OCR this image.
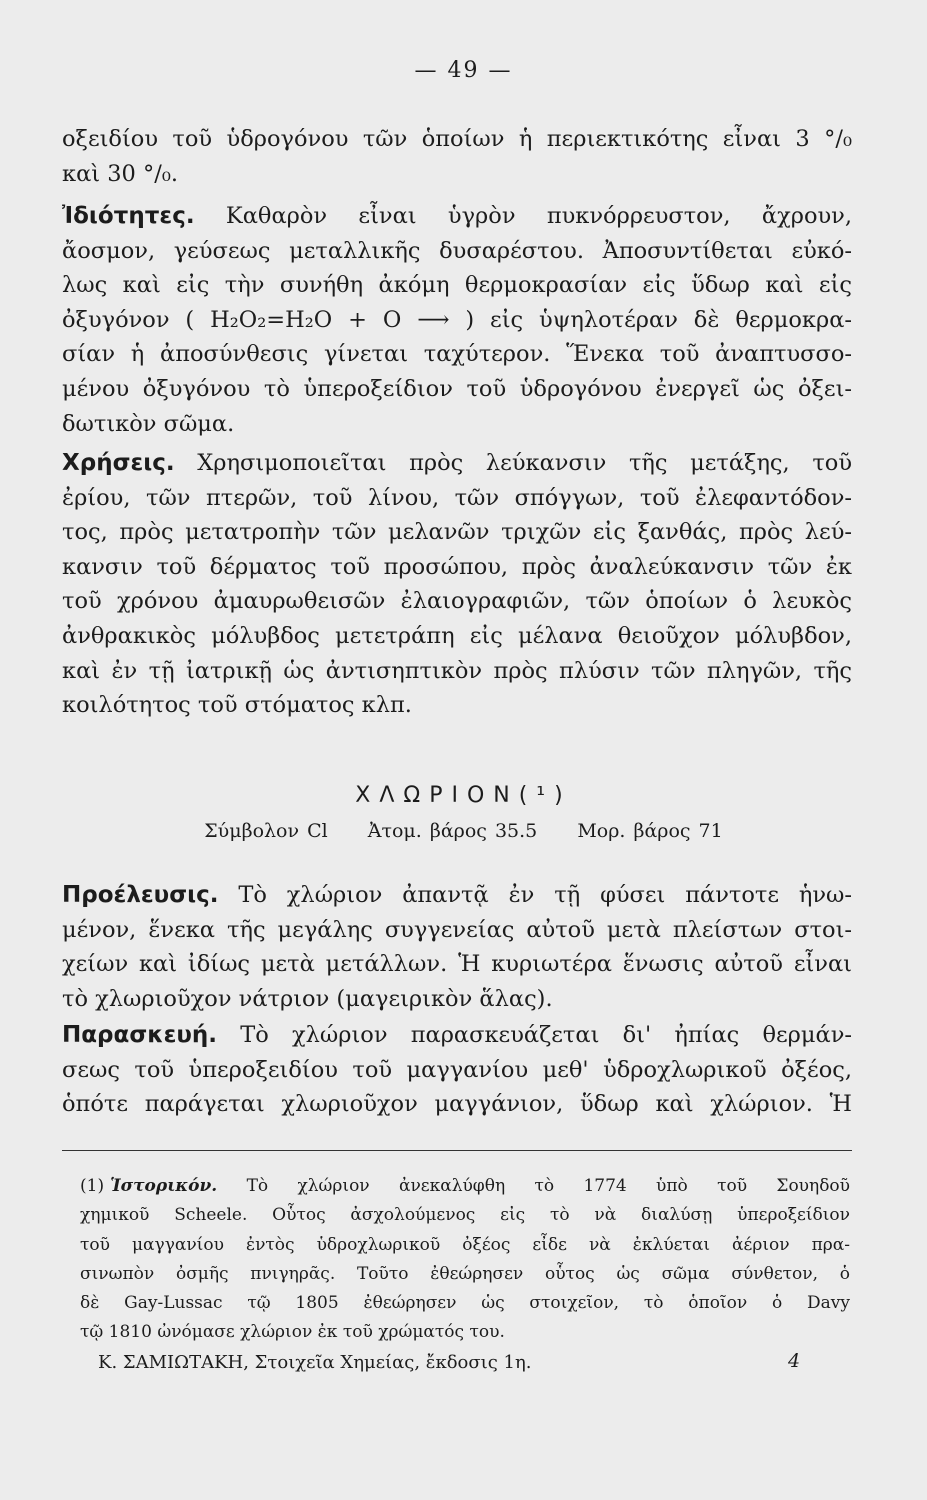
— 49 —
οξειδίου τοῦ ὑδρογόνου τῶν ὁποίων ἡ περιεκτικότης εἶναι 3 °/₀
καὶ 30 °/₀.
Ἰδιότητες. Καθαρὸν εἶναι ὑγρὸν πυκνόρρευστον, ἄχρουν,
ἄοσμον, γεύσεως μεταλλικῆς δυσαρέστου. Ἀποσυντίθεται εὐκό-
λως καὶ εἰς τὴν συνήθη ἀκόμη θερμοκρασίαν εἰς ὕδωρ καὶ εἰς
ὀξυγόνον ( H₂O₂=H₂O + O ⟶ ) εἰς ὑψηλοτέραν δὲ θερμοκρα-
σίαν ἡ ἀποσύνθεσις γίνεται ταχύτερον. Ἕνεκα τοῦ ἀναπτυσσο-
μένου ὀξυγόνου τὸ ὑπεροξείδιον τοῦ ὑδρογόνου ἐνεργεῖ ὡς ὀξει-
δωτικὸν σῶμα.
Χρήσεις. Χρησιμοποιεῖται πρὸς λεύκανσιν τῆς μετάξης, τοῦ
ἐρίου, τῶν πτερῶν, τοῦ λίνου, τῶν σπόγγων, τοῦ ἐλεφαντόδον-
τος, πρὸς μετατροπὴν τῶν μελανῶν τριχῶν εἰς ξανθάς, πρὸς λεύ-
κανσιν τοῦ δέρματος τοῦ προσώπου, πρὸς ἀναλεύκανσιν τῶν ἐκ
τοῦ χρόνου ἀμαυρωθεισῶν ἐλαιογραφιῶν, τῶν ὁποίων ὁ λευκὸς
ἀνθρακικὸς μόλυβδος μετετράπη εἰς μέλανα θειοῦχον μόλυβδον,
καὶ ἐν τῇ ἰατρικῇ ὡς ἀντισηπτικὸν πρὸς πλύσιν τῶν πληγῶν, τῆς
κοιλότητος τοῦ στόματος κλπ.
ΧΛΩΡΙΟΝ(¹)
Σύμβολον Cl Ἀτομ. βάρος 35.5 Μορ. βάρος 71
Προέλευσις. Τὸ χλώριον ἀπαντᾷ ἐν τῇ φύσει πάντοτε ἡνω-
μένον, ἕνεκα τῆς μεγάλης συγγενείας αὐτοῦ μετὰ πλείστων στοι-
χείων καὶ ἰδίως μετὰ μετάλλων. Ἡ κυριωτέρα ἕνωσις αὐτοῦ εἶναι
τὸ χλωριοῦχον νάτριον (μαγειρικὸν ἅλας).
Παρασκευή. Τὸ χλώριον παρασκευάζεται δι' ἠπίας θερμάν-
σεως τοῦ ὑπεροξειδίου τοῦ μαγγανίου μεθ' ὑδροχλωρικοῦ ὀξέος,
ὁπότε παράγεται χλωριοῦχον μαγγάνιον, ὕδωρ καὶ χλώριον. Ἡ
(1) Ἱστορικόν. Τὸ χλώριον ἀνεκαλύφθη τὸ 1774 ὑπὸ τοῦ Σουηδοῦ
χημικοῦ Scheele. Οὗτος ἀσχολούμενος εἰς τὸ νὰ διαλύσῃ ὑπεροξείδιον
τοῦ μαγγανίου ἐντὸς ὑδροχλωρικοῦ ὀξέος εἶδε νὰ ἐκλύεται ἀέριον πρα-
σινωπὸν ὀσμῆς πνιγηρᾶς. Τοῦτο ἐθεώρησεν οὗτος ὡς σῶμα σύνθετον, ὁ
δὲ Gay-Lussac τῷ 1805 ἐθεώρησεν ὡς στοιχεῖον, τὸ ὁποῖον ὁ Davy
τῷ 1810 ὠνόμασε χλώριον ἐκ τοῦ χρώματός του.
Κ. ΣΑΜΙΩΤΑΚΗ, Στοιχεῖα Χημείας, ἔκδοσις 1η.	4
